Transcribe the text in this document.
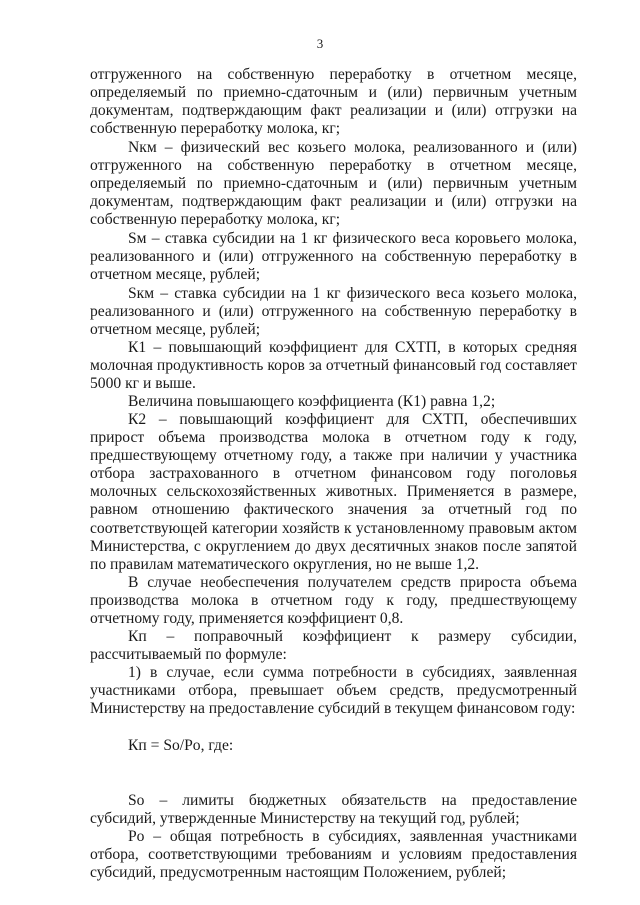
3
отгруженного на собственную переработку в отчетном месяце, определяемый по приемно-сдаточным и (или) первичным учетным документам, подтверждающим факт реализации и (или) отгрузки на собственную переработку молока, кг;
Nкм – физический вес козьего молока, реализованного и (или) отгруженного на собственную переработку в отчетном месяце, определяемый по приемно-сдаточным и (или) первичным учетным документам, подтверждающим факт реализации и (или) отгрузки на собственную переработку молока, кг;
Sм – ставка субсидии на 1 кг физического веса коровьего молока, реализованного и (или) отгруженного на собственную переработку в отчетном месяце, рублей;
Sкм – ставка субсидии на 1 кг физического веса козьего молока, реализованного и (или) отгруженного на собственную переработку в отчетном месяце, рублей;
К1 – повышающий коэффициент для СХТП, в которых средняя молочная продуктивность коров за отчетный финансовый год составляет 5000 кг и выше.
Величина повышающего коэффициента (К1) равна 1,2;
К2 – повышающий коэффициент для СХТП, обеспечивших прирост объема производства молока в отчетном году к году, предшествующему отчетному году, а также при наличии у участника отбора застрахованного в отчетном финансовом году поголовья молочных сельскохозяйственных животных. Применяется в размере, равном отношению фактического значения за отчетный год по соответствующей категории хозяйств к установленному правовым актом Министерства, с округлением до двух десятичных знаков после запятой по правилам математического округления, но не выше 1,2.
В случае необеспечения получателем средств прироста объема производства молока в отчетном году к году, предшествующему отчетному году, применяется коэффициент 0,8.
Кп – поправочный коэффициент к размеру субсидии, рассчитываемый по формуле:
1) в случае, если сумма потребности в субсидиях, заявленная участниками отбора, превышает объем средств, предусмотренный Министерству на предоставление субсидий в текущем финансовом году:
Кп = Sо/Pо, где:
Sо – лимиты бюджетных обязательств на предоставление субсидий, утвержденные Министерству на текущий год, рублей;
Pо – общая потребность в субсидиях, заявленная участниками отбора, соответствующими требованиям и условиям предоставления субсидий, предусмотренным настоящим Положением, рублей;
